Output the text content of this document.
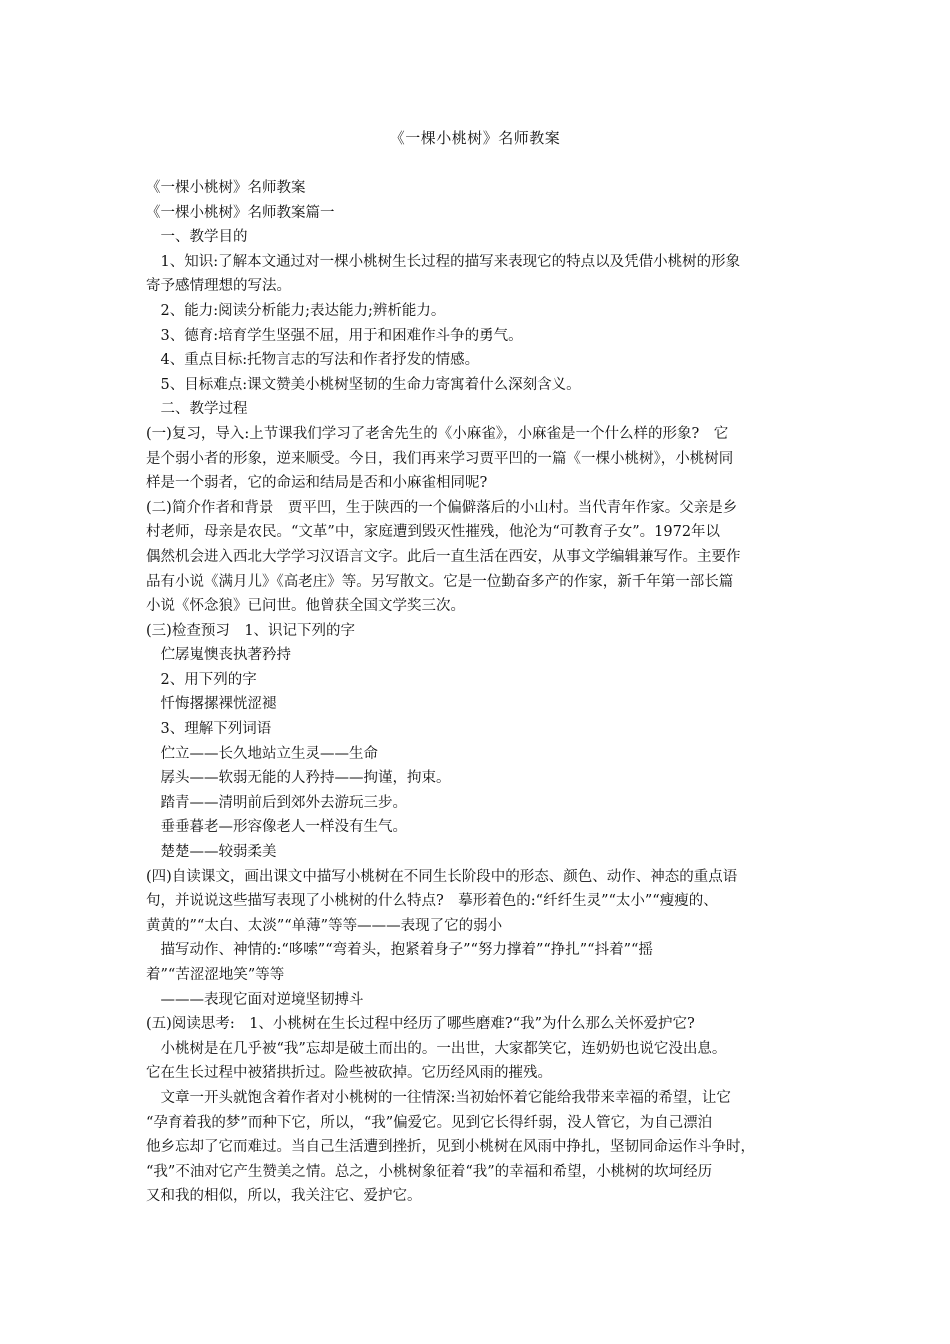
《一棵小桃树》名师教案
《一棵小桃树》名师教案
《一棵小桃树》名师教案篇一
　一、教学目的
　1、知识:了解本文通过对一棵小桃树生长过程的描写来表现它的特点以及凭借小桃树的形象
寄予感情理想的写法。
　2、能力:阅读分析能力;表达能力;辨析能力。
　3、德育:培育学生坚强不屈，用于和困难作斗争的勇气。
　4、重点目标:托物言志的写法和作者抒发的情感。
　5、目标难点:课文赞美小桃树坚韧的生命力寄寓着什么深刻含义。
　二、教学过程
(一)复习，导入:上节课我们学习了老舍先生的《小麻雀》，小麻雀是一个什么样的形象?　它
是个弱小者的形象，逆来顺受。今日，我们再来学习贾平凹的一篇《一棵小桃树》，小桃树同
样是一个弱者，它的命运和结局是否和小麻雀相同呢?
(二)简介作者和背景　贾平凹，生于陕西的一个偏僻落后的小山村。当代青年作家。父亲是乡
村老师，母亲是农民。“文革”中，家庭遭到毁灭性摧残，他沦为“可教育子女”。1972年以
偶然机会进入西北大学学习汉语言文字。此后一直生活在西安，从事文学编辑兼写作。主要作
品有小说《满月儿》《高老庄》等。另写散文。它是一位勤奋多产的作家，新千年第一部长篇
小说《怀念狼》已问世。他曾获全国文学奖三次。
(三)检查预习　1、识记下列的字
　伫孱嵬懊丧执著矜持
　2、用下列的字
　忏悔撂摞裸恍涩褪
　3、理解下列词语
　伫立——长久地站立生灵——生命
　孱头——软弱无能的人矜持——拘谨，拘束。
　踏青——清明前后到郊外去游玩三步。
　垂垂暮老—形容像老人一样没有生气。
　楚楚——较弱柔美
(四)自读课文，画出课文中描写小桃树在不同生长阶段中的形态、颜色、动作、神态的重点语
句，并说说这些描写表现了小桃树的什么特点?　摹形着色的:“纤纤生灵”“太小”“瘦瘦的、
黄黄的”“太白、太淡”“单薄”等等———表现了它的弱小
　描写动作、神情的:“哆嗦”“弯着头，抱紧着身子”“努力撑着”“挣扎”“抖着”“摇
着”“苦涩涩地笑”等等
　———表现它面对逆境坚韧搏斗
(五)阅读思考:　1、小桃树在生长过程中经历了哪些磨难?“我”为什么那么关怀爱护它?
　小桃树是在几乎被“我”忘却是破土而出的。一出世，大家都笑它，连奶奶也说它没出息。
它在生长过程中被猪拱折过。险些被砍掉。它历经风雨的摧残。
　文章一开头就饱含着作者对小桃树的一往情深:当初始怀着它能给我带来幸福的希望，让它
“孕育着我的梦”而种下它，所以，“我”偏爱它。见到它长得纤弱，没人管它，为自己漂泊
他乡忘却了它而难过。当自己生活遭到挫折，见到小桃树在风雨中挣扎，坚韧同命运作斗争时，
“我”不油对它产生赞美之情。总之，小桃树象征着“我”的幸福和希望，小桃树的坎坷经历
又和我的相似，所以，我关注它、爱护它。
